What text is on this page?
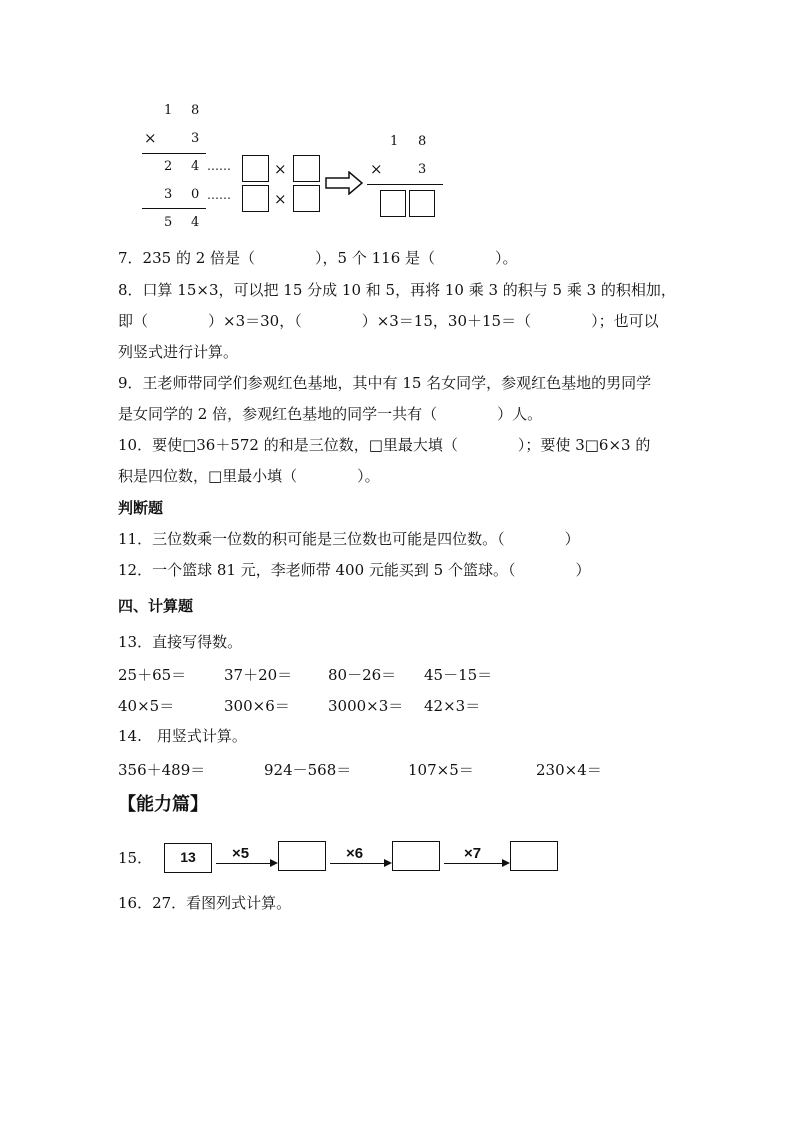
1 8
×	3
2 4
3 0
5 4
……	×
……	×
1 8
×	3
7．235 的 2 倍是（　　　　），5 个 116 是（　　　　）。
8．口算 15×3，可以把 15 分成 10 和 5，再将 10 乘 3 的积与 5 乘 3 的积相加，
即（　　　　）×3＝30，（　　　　）×3＝15，30＋15＝（　　　　）；也可以
列竖式进行计算。
9．王老师带同学们参观红色基地，其中有 15 名女同学，参观红色基地的男同学
是女同学的 2 倍，参观红色基地的同学一共有（　　　　）人。
10．要使□36＋572 的和是三位数，□里最大填（　　　　）；要使 3□6×3 的
积是四位数，□里最小填（　　　　）。
判断题
11．三位数乘一位数的积可能是三位数也可能是四位数。（　　　　）
12．一个篮球 81 元，李老师带 400 元能买到 5 个篮球。（　　　　）
四、计算题
13．直接写得数。
25＋65＝	37＋20＝ 80－26＝ 45－15＝
40×5＝	300×6＝	3000×3＝ 42×3＝
14.　用竖式计算。
356＋489＝	924－568＝	107×5＝	230×4＝
【能力篇】
15．	13	×5	×6	×7
16．27．看图列式计算。
